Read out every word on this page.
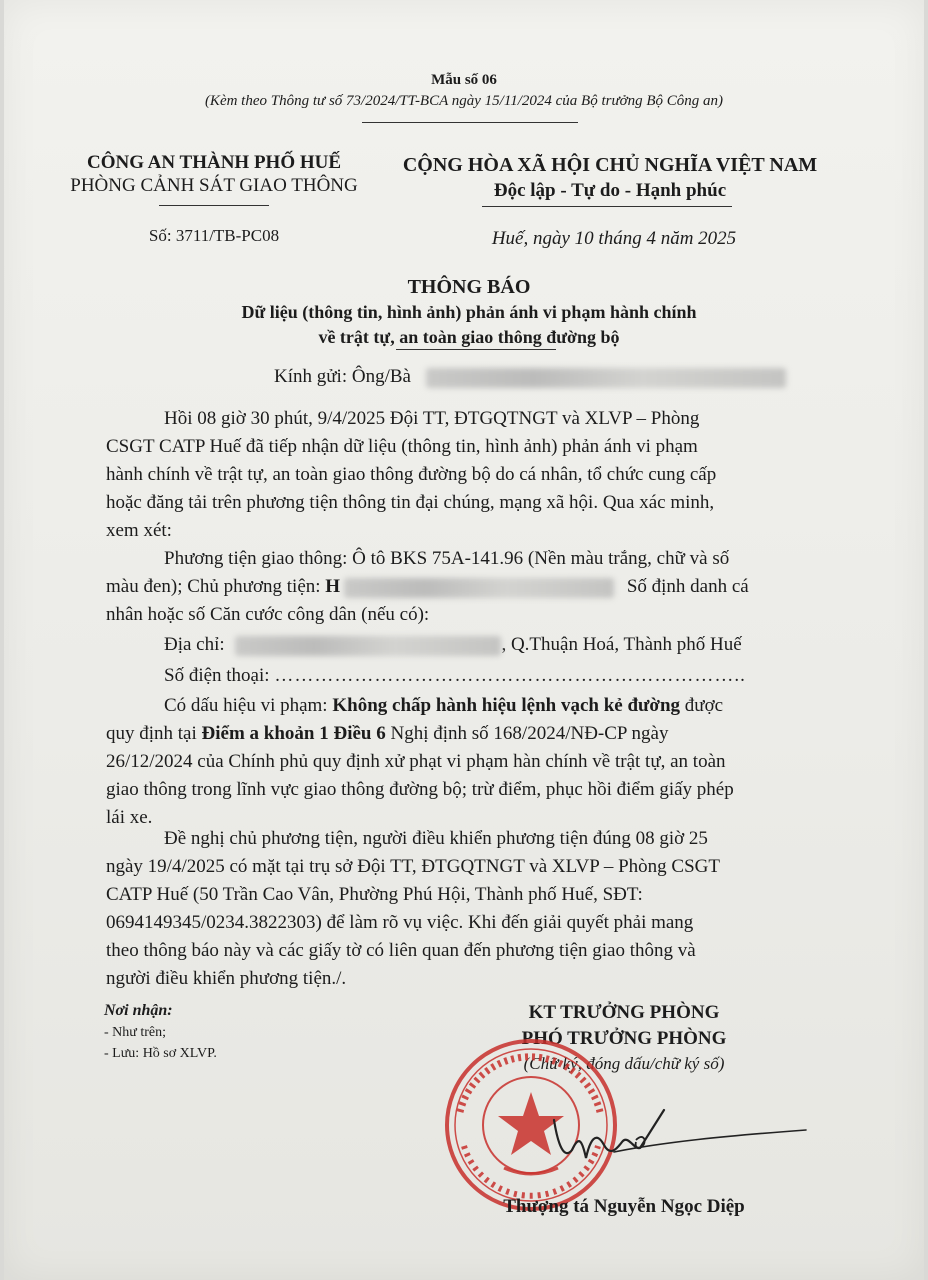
Mẫu số 06
(Kèm theo Thông tư số 73/2024/TT-BCA ngày 15/11/2024 của Bộ trưởng Bộ Công an)
CÔNG AN THÀNH PHỐ HUẾ
PHÒNG CẢNH SÁT GIAO THÔNG
Số: 3711/TB-PC08
CỘNG HÒA XÃ HỘI CHỦ NGHĨA VIỆT NAM
Độc lập - Tự do - Hạnh phúc
Huế, ngày 10 tháng 4 năm 2025
THÔNG BÁO
Dữ liệu (thông tin, hình ảnh) phản ánh vi phạm hành chính
về trật tự, an toàn giao thông đường bộ
Kính gửi: Ông/Bà
Hồi 08 giờ 30 phút, 9/4/2025 Đội TT, ĐTGQTNGT và XLVP – Phòng
CSGT CATP Huế đã tiếp nhận dữ liệu (thông tin, hình ảnh) phản ánh vi phạm
hành chính về trật tự, an toàn giao thông đường bộ do cá nhân, tổ chức cung cấp
hoặc đăng tải trên phương tiện thông tin đại chúng, mạng xã hội. Qua xác minh,
xem xét:
Phương tiện giao thông: Ô tô BKS 75A-141.96 (Nền màu trắng, chữ và số
màu đen); Chủ phương tiện: H	Số định danh cá
nhân hoặc số Căn cước công dân (nếu có):
Địa chỉ:	, Q.Thuận Hoá, Thành phố Huế
Số điện thoại: ……………………………………………………………..
Có dấu hiệu vi phạm: Không chấp hành hiệu lệnh vạch kẻ đường được
quy định tại Điểm a khoản 1 Điều 6 Nghị định số 168/2024/NĐ-CP ngày
26/12/2024 của Chính phủ quy định xử phạt vi phạm hàn chính về trật tự, an toàn
giao thông trong lĩnh vực giao thông đường bộ; trừ điểm, phục hồi điểm giấy phép
lái xe.
Đề nghị chủ phương tiện, người điều khiển phương tiện đúng 08 giờ 25
ngày 19/4/2025 có mặt tại trụ sở Đội TT, ĐTGQTNGT và XLVP – Phòng CSGT
CATP Huế (50 Trần Cao Vân, Phường Phú Hội, Thành phố Huế, SĐT:
0694149345/0234.3822303) để làm rõ vụ việc. Khi đến giải quyết phải mang
theo thông báo này và các giấy tờ có liên quan đến phương tiện giao thông và
người điều khiển phương tiện./.
Nơi nhận:
- Như trên;
- Lưu: Hồ sơ XLVP.
KT TRƯỞNG PHÒNG
PHÓ TRƯỞNG PHÒNG
(Chữ ký, đóng dấu/chữ ký số)
Thượng tá Nguyễn Ngọc Diệp
